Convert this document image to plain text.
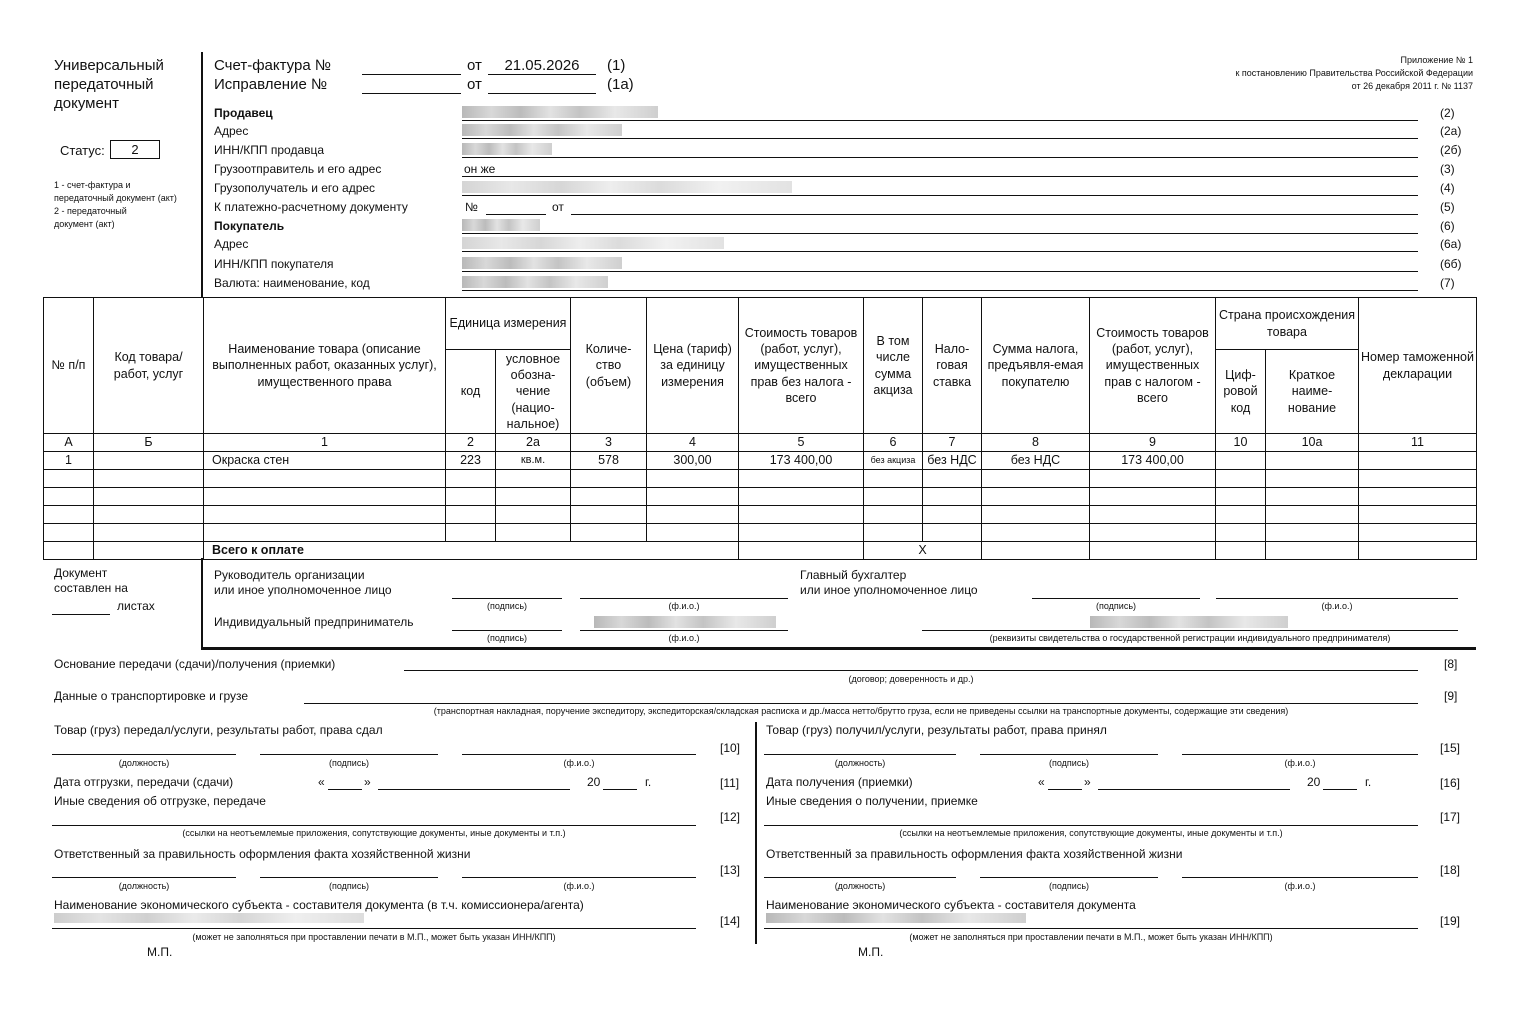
Универсальный
передаточный
документ
Статус:	2
1 - счет-фактура и
передаточный документ (акт)
2 - передаточный
документ (акт)
Счет-фактура №	от	21.05.2026	(1)
Исправление №	от	(1а)
Приложение № 1
к постановлению Правительства Российской Федерации
от 26 декабря 2011 г. № 1137
Продавец	(2)
Адрес	(2а)
ИНН/КПП продавца	(2б)
Грузоотправитель и его адрес	он же	(3)
Грузополучатель и его адрес	(4)
К платежно-расчетному документу	№	от	(5)
Покупатель	(6)
Адрес	(6а)
ИНН/КПП покупателя	(6б)
Валюта: наименование, код	(7)
№ п/п	Код товара/ работ, услуг	Наименование товара (описание выполненных работ, оказанных услуг), имущественного права	Единица измерения		Количе-ство (объем)	Цена (тариф) за единицу измерения	Стоимость товаров (работ, услуг), имущественных прав без налога - всего	В том числе сумма акциза	Нало-говая ставка	Сумма налога, предъявля-емая покупателю	Стоимость товаров (работ, услуг), имущественных прав с налогом - всего	Страна происхождения товара		Номер таможенной декларации
			код	условное обозна-чение (нацио-нальное)								Циф-ровой код	Краткое наиме-нование	
А	Б	1	2	2а	3	4	5	6	7	8	9	10	10а	11
1		Окраска стен	223	кв.м.	578	300,00	173 400,00	без акциза	без НДС	без НДС	173 400,00			

		Всего к оплате						X						
Документ
составлен на
листах
Руководитель организации
или иное уполномоченное лицо
(подпись)	(ф.и.о.)
Главный бухгалтер
или иное уполномоченное лицо
(подпись)	(ф.и.о.)
Индивидуальный предприниматель
(подпись)	(ф.и.о.)	(реквизиты свидетельства о государственной регистрации индивидуального предпринимателя)
Основание передачи (сдачи)/получения (приемки)
(договор; доверенность и др.)
[8]
Данные о транспортировке и грузе
(транспортная накладная, поручение экспедитору, экспедиторская/складская расписка и др./масса нетто/брутто груза, если не приведены ссылки на транспортные документы, содержащие эти сведения)
[9]
Товар (груз) передал/услуги, результаты работ, права сдал
(должность)	(подпись)	(ф.и.о.)
[10]
Дата отгрузки, передачи (сдачи)	«	»	20	г.	[11]
Иные сведения об отгрузке, передаче
(ссылки на неотъемлемые приложения, сопутствующие документы, иные документы и т.п.)
[12]
Ответственный за правильность оформления факта хозяйственной жизни
(должность)	(подпись)	(ф.и.о.)
[13]
Наименование экономического субъекта - составителя документа (в т.ч. комиссионера/агента)
(может не заполняться при проставлении печати в М.П., может быть указан ИНН/КПП)
[14]
М.П.
Товар (груз) получил/услуги, результаты работ, права принял
(должность)	(подпись)	(ф.и.о.)
[15]
Дата получения (приемки)	«	»	20	г.	[16]
Иные сведения о получении, приемке
(ссылки на неотъемлемые приложения, сопутствующие документы, иные документы и т.п.)
[17]
Ответственный за правильность оформления факта хозяйственной жизни
(должность)	(подпись)	(ф.и.о.)
[18]
Наименование экономического субъекта - составителя документа
(может не заполняться при проставлении печати в М.П., может быть указан ИНН/КПП)
[19]
М.П.
